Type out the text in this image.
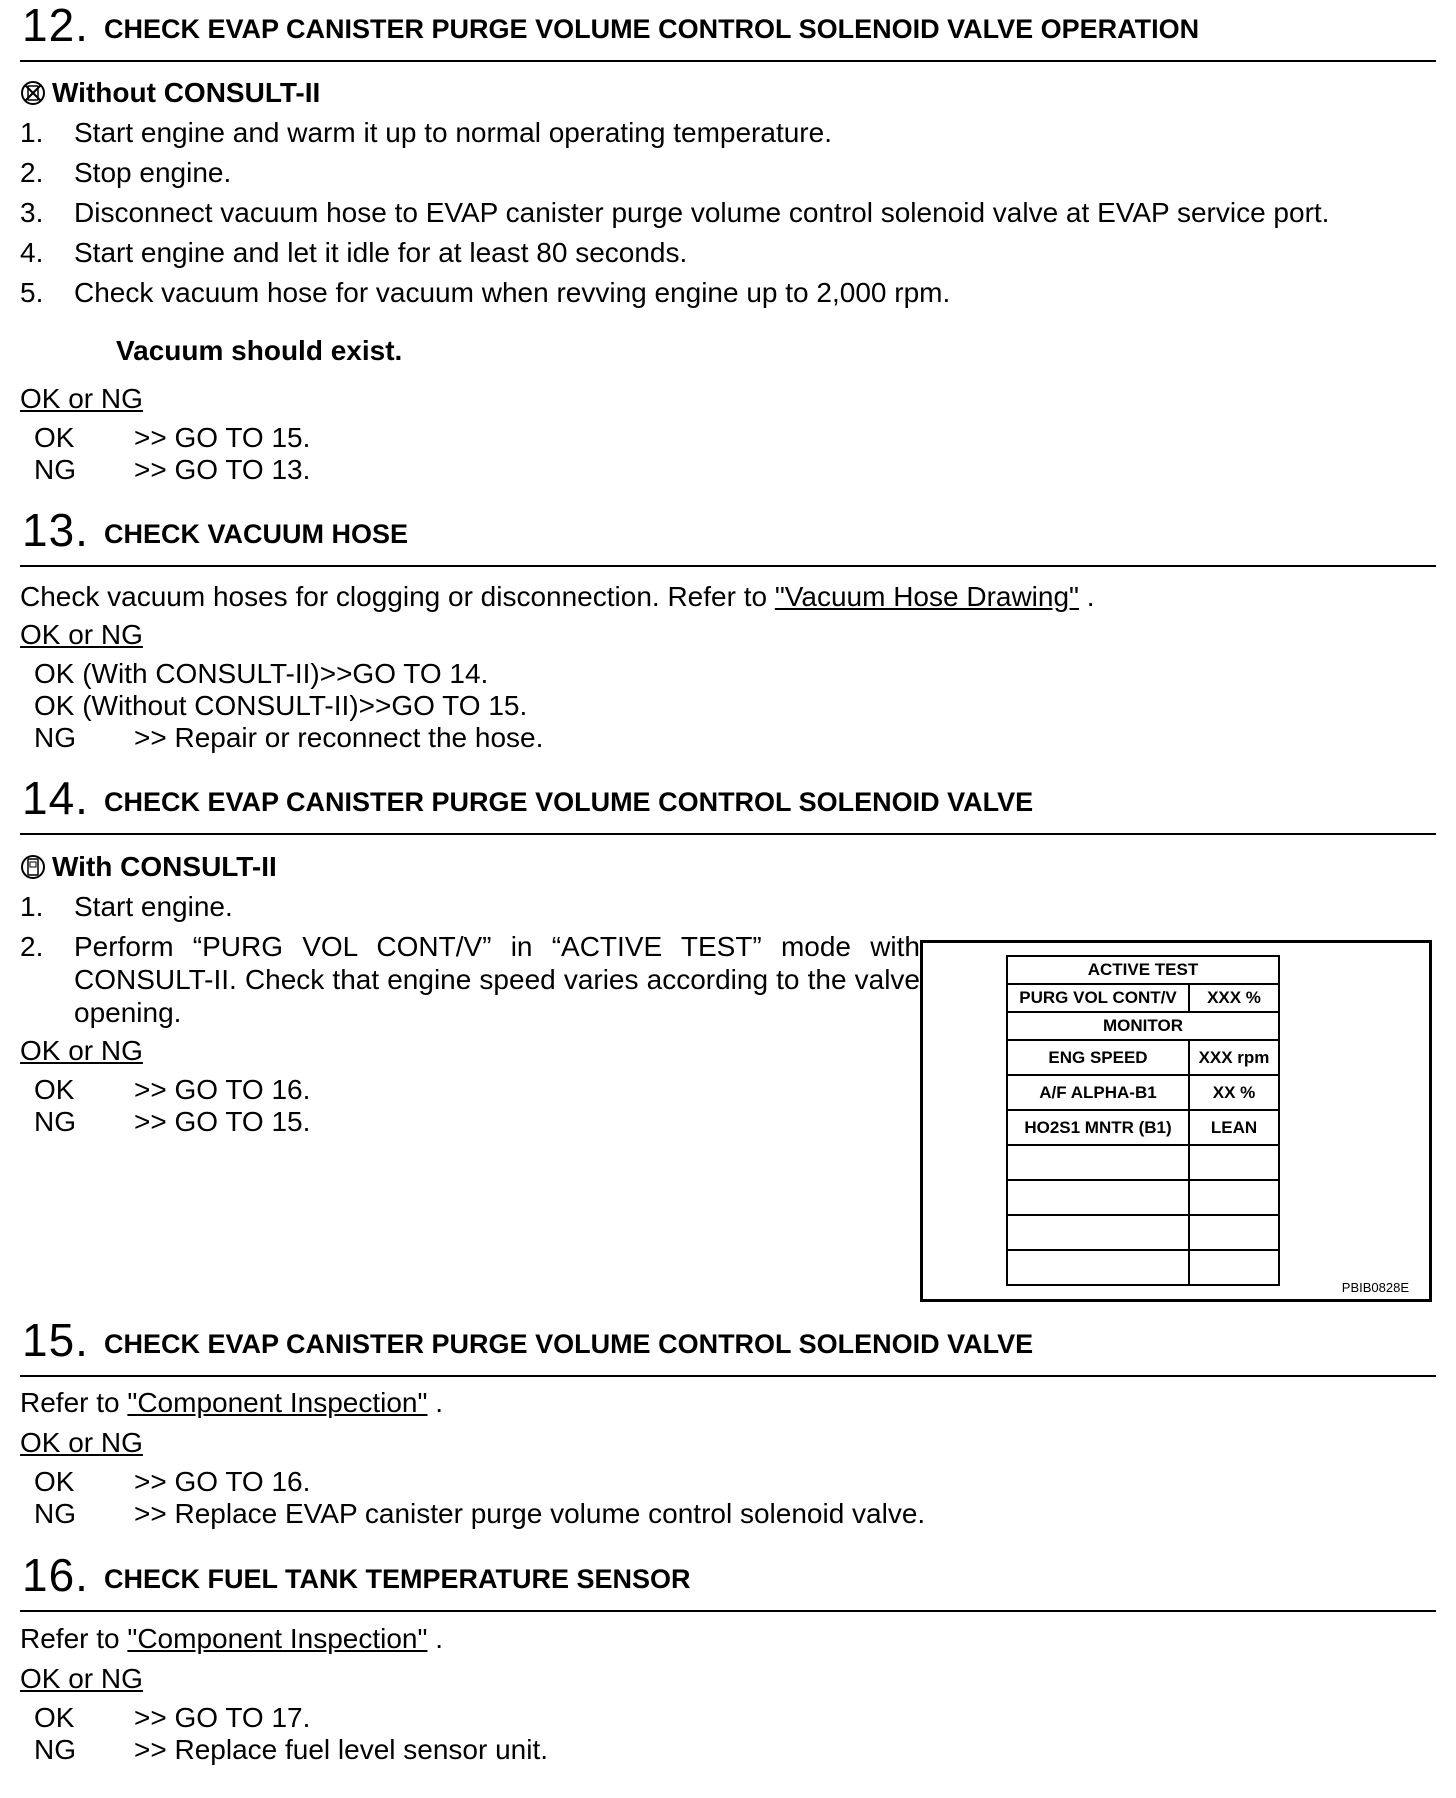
12. CHECK EVAP CANISTER PURGE VOLUME CONTROL SOLENOID VALVE OPERATION
Without CONSULT-II
1. Start engine and warm it up to normal operating temperature.
2. Stop engine.
3. Disconnect vacuum hose to EVAP canister purge volume control solenoid valve at EVAP service port.
4. Start engine and let it idle for at least 80 seconds.
5. Check vacuum hose for vacuum when revving engine up to 2,000 rpm.
Vacuum should exist.
OK or NG
OK >> GO TO 15.
NG >> GO TO 13.
13. CHECK VACUUM HOSE
Check vacuum hoses for clogging or disconnection. Refer to "Vacuum Hose Drawing" .
OK or NG
OK (With CONSULT-II)>>GO TO 14.
OK (Without CONSULT-II)>>GO TO 15.
NG >> Repair or reconnect the hose.
14. CHECK EVAP CANISTER PURGE VOLUME CONTROL SOLENOID VALVE
With CONSULT-II
1. Start engine.
2. Perform “PURG VOL CONT/V” in “ACTIVE TEST” mode with CONSULT-II. Check that engine speed varies according to the valve opening.
OK or NG
OK >> GO TO 16.
NG >> GO TO 15.
ACTIVE TEST	
PURG VOL CONT/V	XXX %
MONITOR	
ENG SPEED	XXX rpm
A/F ALPHA-B1	XX %
HO2S1 MNTR (B1)	LEAN

PBIB0828E
15. CHECK EVAP CANISTER PURGE VOLUME CONTROL SOLENOID VALVE
Refer to "Component Inspection" .
OK or NG
OK >> GO TO 16.
NG >> Replace EVAP canister purge volume control solenoid valve.
16. CHECK FUEL TANK TEMPERATURE SENSOR
Refer to "Component Inspection" .
OK or NG
OK >> GO TO 17.
NG >> Replace fuel level sensor unit.
